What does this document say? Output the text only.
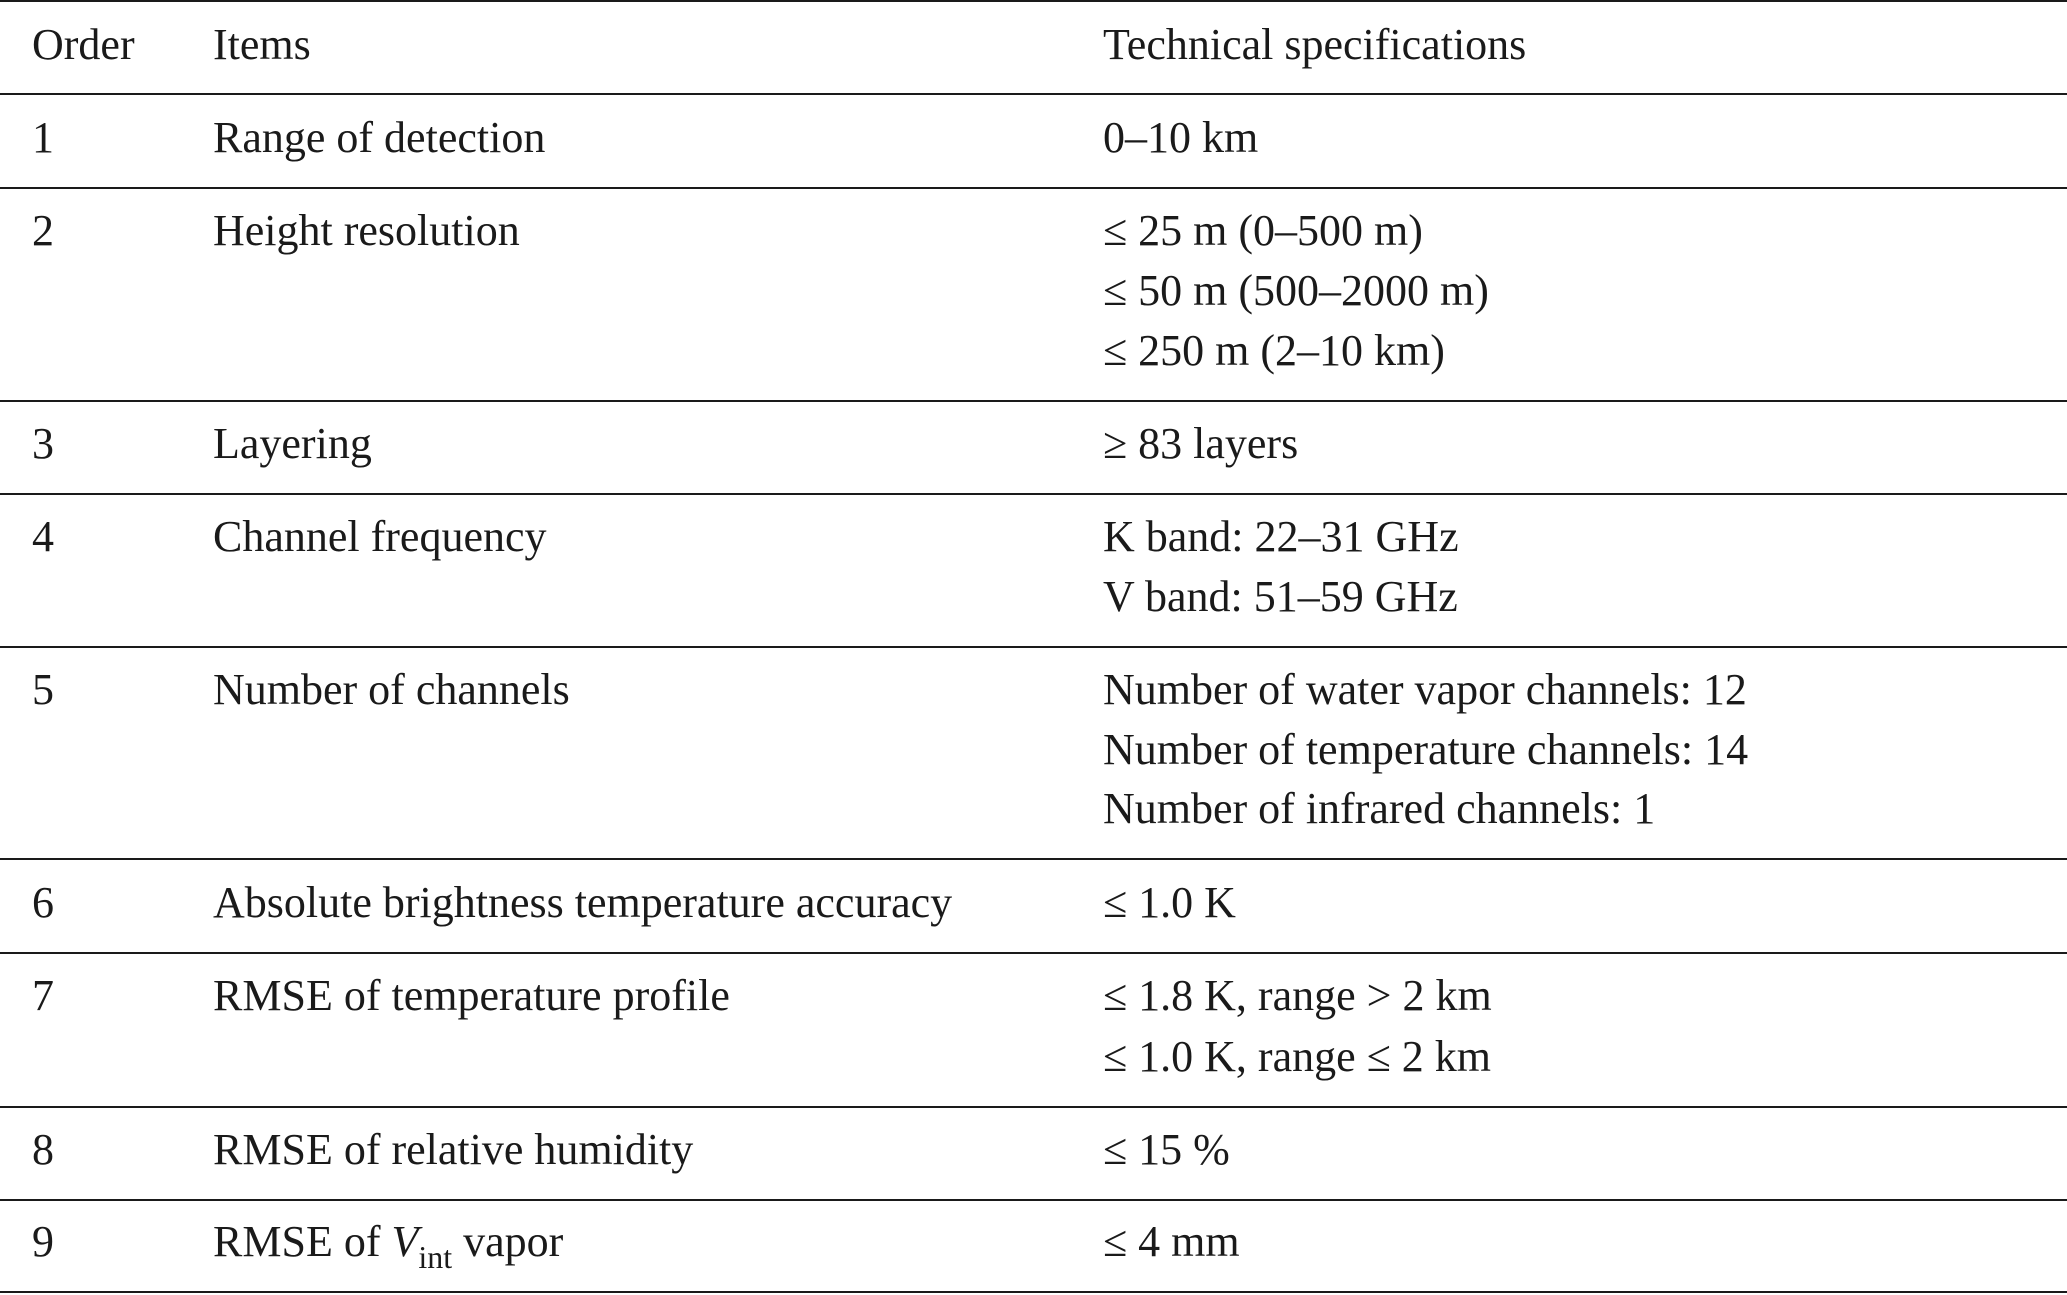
Order Items	Technical specifications
1	Range of detection	0–10 km
2	Height resolution	≤ 25 m (0–500 m)
≤ 50 m (500–2000 m)
≤ 250 m (2–10 km)
3	Layering	≥ 83 layers
4	Channel frequency	K band: 22–31 GHz
V band: 51–59 GHz
5	Number of channels	Number of water vapor channels: 12
Number of temperature channels: 14
Number of infrared channels: 1
6	Absolute brightness temperature accuracy	≤ 1.0 K
7	RMSE of temperature profile	≤ 1.8 K, range > 2 km
≤ 1.0 K, range ≤ 2 km
8	RMSE of relative humidity	≤ 15 %
9	RMSE of $V_{int}$ vapor	≤ 4 mm
